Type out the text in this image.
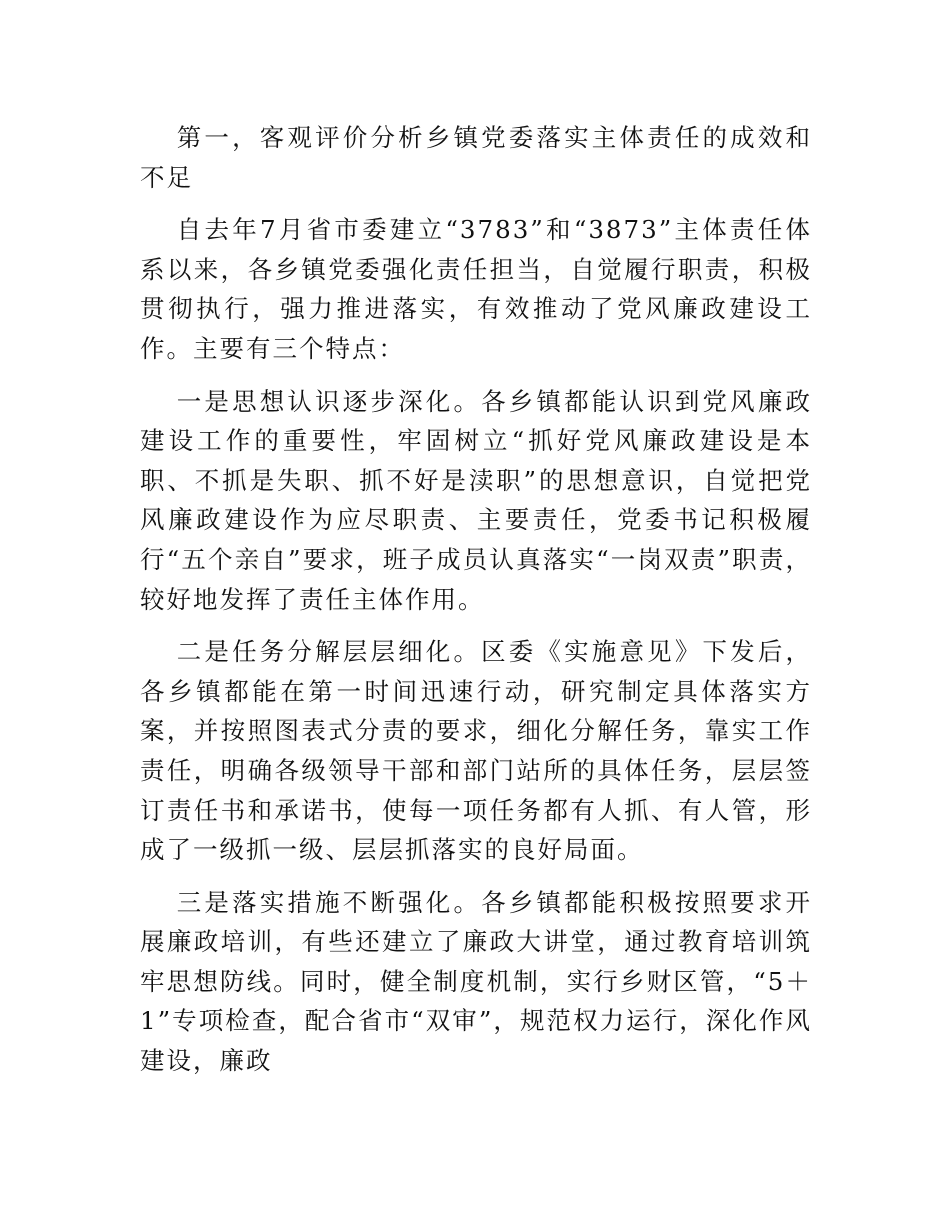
第一，客观评价分析乡镇党委落实主体责任的成效和不足

自去年7月省市委建立“3783”和“3873”主体责任体系以来，各乡镇党委强化责任担当，自觉履行职责，积极贯彻执行，强力推进落实，有效推动了党风廉政建设工作。主要有三个特点：

一是思想认识逐步深化。各乡镇都能认识到党风廉政建设工作的重要性，牢固树立“抓好党风廉政建设是本职、不抓是失职、抓不好是渎职”的思想意识，自觉把党风廉政建设作为应尽职责、主要责任，党委书记积极履行“五个亲自”要求，班子成员认真落实“一岗双责”职责，较好地发挥了责任主体作用。

二是任务分解层层细化。区委《实施意见》下发后，各乡镇都能在第一时间迅速行动，研究制定具体落实方案，并按照图表式分责的要求，细化分解任务，靠实工作责任，明确各级领导干部和部门站所的具体任务，层层签订责任书和承诺书，使每一项任务都有人抓、有人管，形成了一级抓一级、层层抓落实的良好局面。

三是落实措施不断强化。各乡镇都能积极按照要求开展廉政培训，有些还建立了廉政大讲堂，通过教育培训筑牢思想防线。同时，健全制度机制，实行乡财区管，“5＋1”专项检查，配合省市“双审”，规范权力运行，深化作风建设，廉政
